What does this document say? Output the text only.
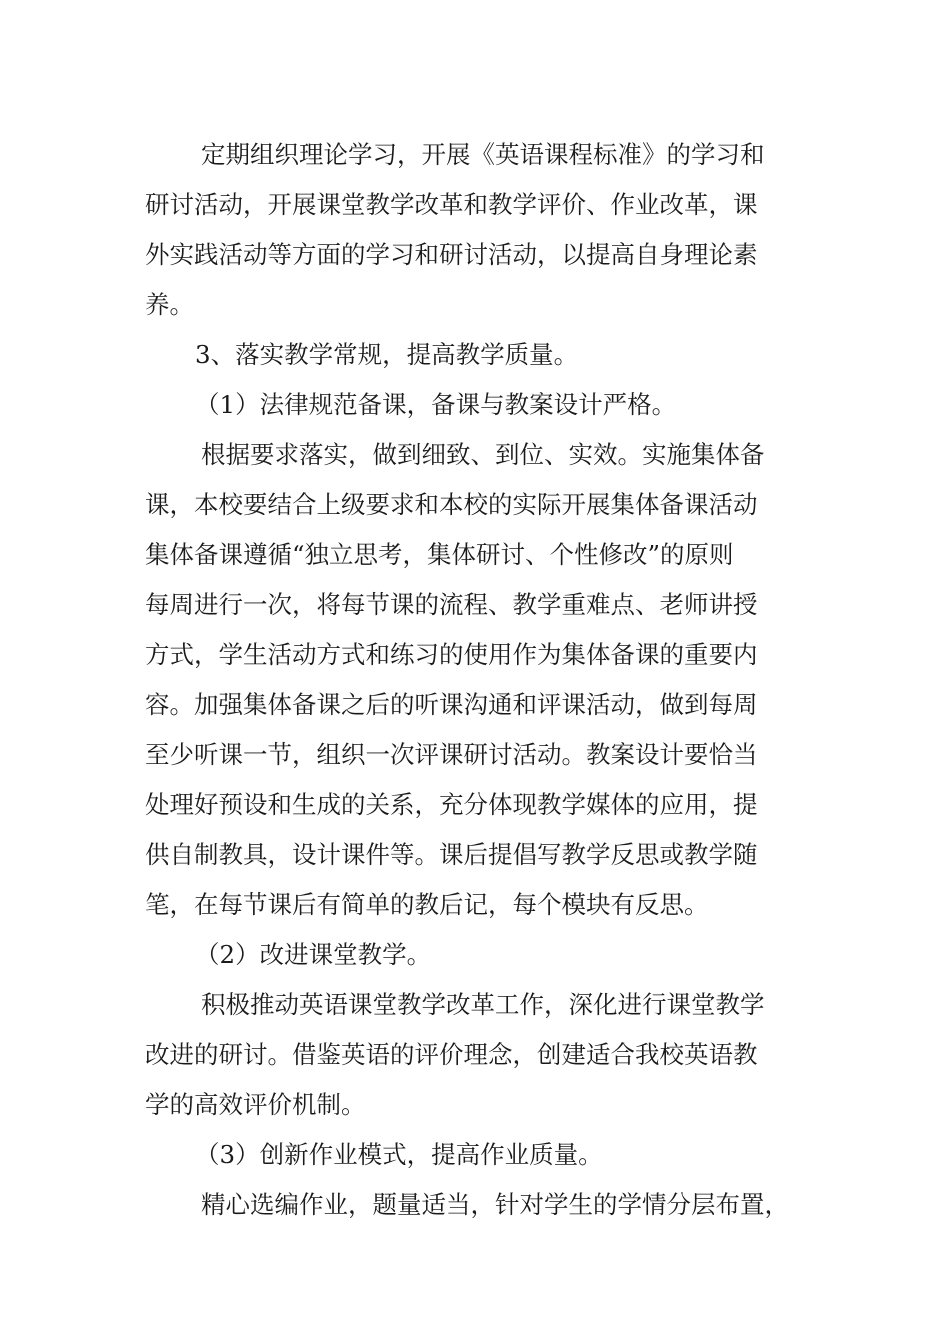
定期组织理论学习，开展《英语课程标准》的学习和
研讨活动，开展课堂教学改革和教学评价、作业改革，课
外实践活动等方面的学习和研讨活动，以提高自身理论素
养。
3、落实教学常规，提高教学质量。
（1）法律规范备课，备课与教案设计严格。
根据要求落实，做到细致、到位、实效。实施集体备
课，本校要结合上级要求和本校的实际开展集体备课活动
集体备课遵循“独立思考，集体研讨、个性修改”的原则
每周进行一次，将每节课的流程、教学重难点、老师讲授
方式，学生活动方式和练习的使用作为集体备课的重要内
容。加强集体备课之后的听课沟通和评课活动，做到每周
至少听课一节，组织一次评课研讨活动。教案设计要恰当
处理好预设和生成的关系，充分体现教学媒体的应用，提
供自制教具，设计课件等。课后提倡写教学反思或教学随
笔，在每节课后有简单的教后记，每个模块有反思。
（2）改进课堂教学。
积极推动英语课堂教学改革工作，深化进行课堂教学
改进的研讨。借鉴英语的评价理念，创建适合我校英语教
学的高效评价机制。
（3）创新作业模式，提高作业质量。
精心选编作业，题量适当，针对学生的学情分层布置，
